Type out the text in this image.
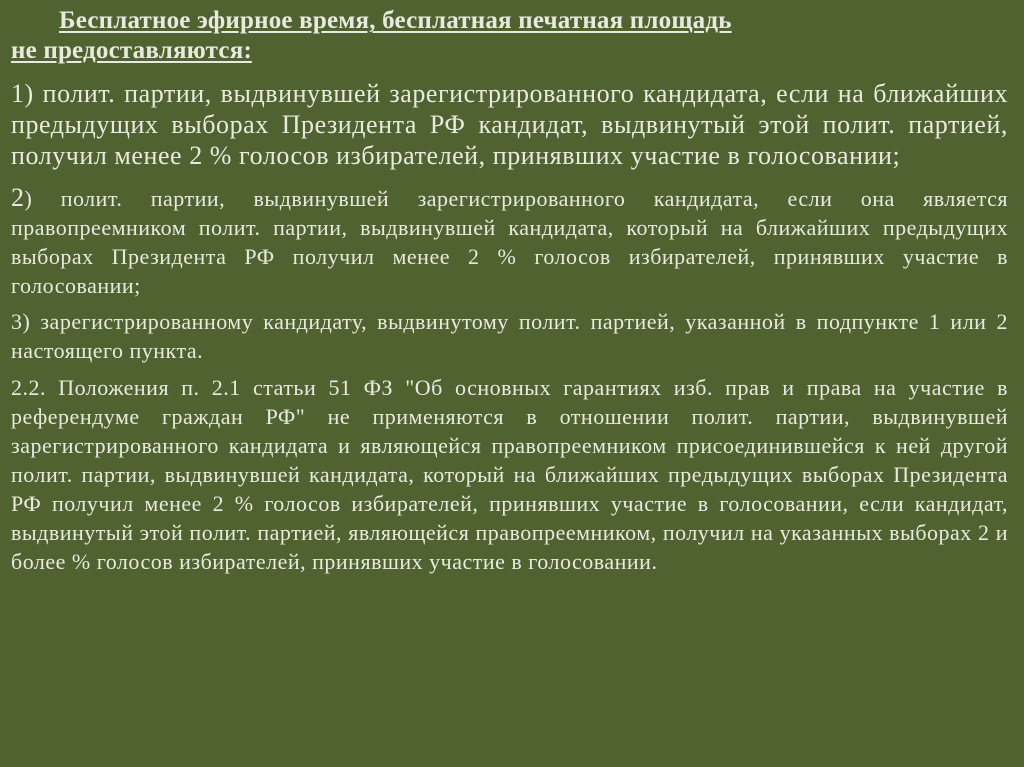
Бесплатное эфирное время, бесплатная печатная площадь
не предоставляются:

1) полит. партии, выдвинувшей зарегистрированного кандидата, если на ближайших предыдущих выборах Президента РФ кандидат, выдвинутый этой полит. партией, получил менее 2 % голосов избирателей, принявших участие в голосовании;

2) полит. партии, выдвинувшей зарегистрированного кандидата, если она является правопреемником полит. партии, выдвинувшей кандидата, который на ближайших предыдущих выборах Президента РФ получил менее 2 % голосов избирателей, принявших участие в голосовании;

3) зарегистрированному кандидату, выдвинутому полит. партией, указанной в подпункте 1 или 2 настоящего пункта.

2.2. Положения п. 2.1 статьи 51 ФЗ "Об основных гарантиях изб. прав и права на участие в референдуме граждан РФ" не применяются в отношении полит. партии, выдвинувшей зарегистрированного кандидата и являющейся правопреемником присоединившейся к ней другой полит. партии, выдвинувшей кандидата, который на ближайших предыдущих выборах Президента РФ получил менее 2 % голосов избирателей, принявших участие в голосовании, если кандидат, выдвинутый этой полит. партией, являющейся правопреемником, получил на указанных выборах 2 и более % голосов избирателей, принявших участие в голосовании.
